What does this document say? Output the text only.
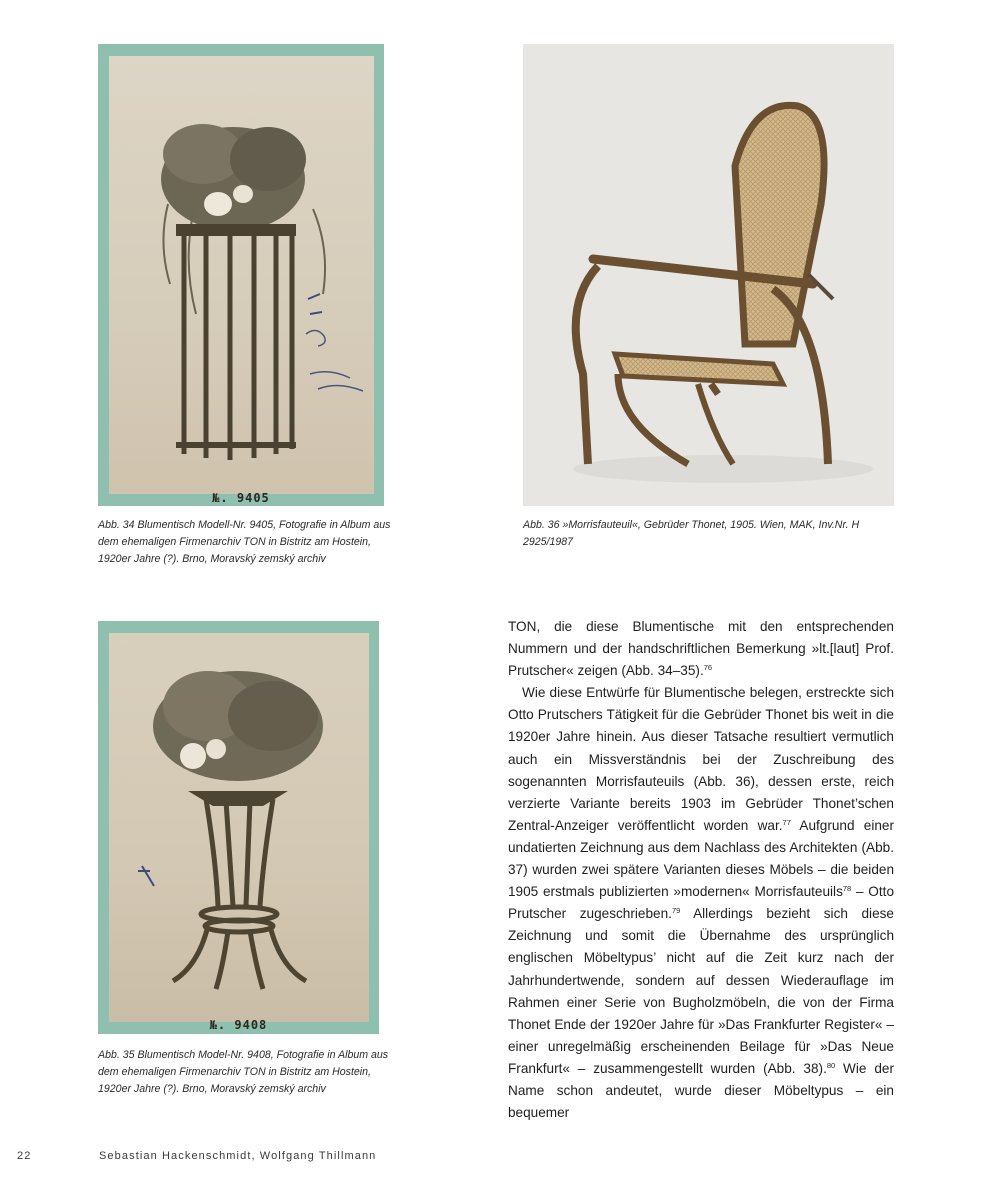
№. 9405
Abb. 34 Blumentisch Modell-Nr. 9405, Fotografie in Album aus dem ehemaligen Firmenarchiv TON in Bistritz am Hostein, 1920er Jahre (?). Brno, Moravský zemský archiv
Abb. 36 »Morrisfauteuil«, Gebrüder Thonet, 1905. Wien, MAK, Inv.Nr. H 2925/1987
№. 9408
Abb. 35 Blumentisch Model-Nr. 9408, Fotografie in Album aus dem ehemaligen Firmenarchiv TON in Bistritz am Hostein, 1920er Jahre (?). Brno, Moravský zemský archiv

TON, die diese Blumentische mit den entsprechenden Nummern und der handschriftlichen Bemerkung »lt.[laut] Prof. Prutscher« zeigen (Abb. 34–35).$^{76}$

Wie diese Entwürfe für Blumentische belegen, erstreckte sich Otto Prutschers Tätigkeit für die Gebrüder Thonet bis weit in die 1920er Jahre hinein. Aus dieser Tatsache resultiert vermutlich auch ein Missverständnis bei der Zuschreibung des sogenannten Morrisfauteuils (Abb. 36), dessen erste, reich verzierte Variante bereits 1903 im Gebrüder Thonet’schen Zentral-Anzeiger veröffentlicht worden war.$^{77}$ Aufgrund einer undatierten Zeichnung aus dem Nachlass des Architekten (Abb. 37) wurden zwei spätere Varianten dieses Möbels – die beiden 1905 erstmals publizierten »modernen« Morrisfauteuils$^{78}$ – Otto Prutscher zugeschrieben.$^{79}$ Allerdings bezieht sich diese Zeichnung und somit die Übernahme des ursprünglich englischen Möbeltypus’ nicht auf die Zeit kurz nach der Jahrhundertwende, sondern auf dessen Wiederauflage im Rahmen einer Serie von Bugholzmöbeln, die von der Firma Thonet Ende der 1920er Jahre für »Das Frankfurter Register« – einer unregelmäßig erscheinenden Beilage für »Das Neue Frankfurt« – zusammengestellt wurden (Abb. 38).$^{80}$ Wie der Name schon andeutet, wurde dieser Möbeltypus – ein bequemer

22	Sebastian Hackenschmidt, Wolfgang Thillmann
